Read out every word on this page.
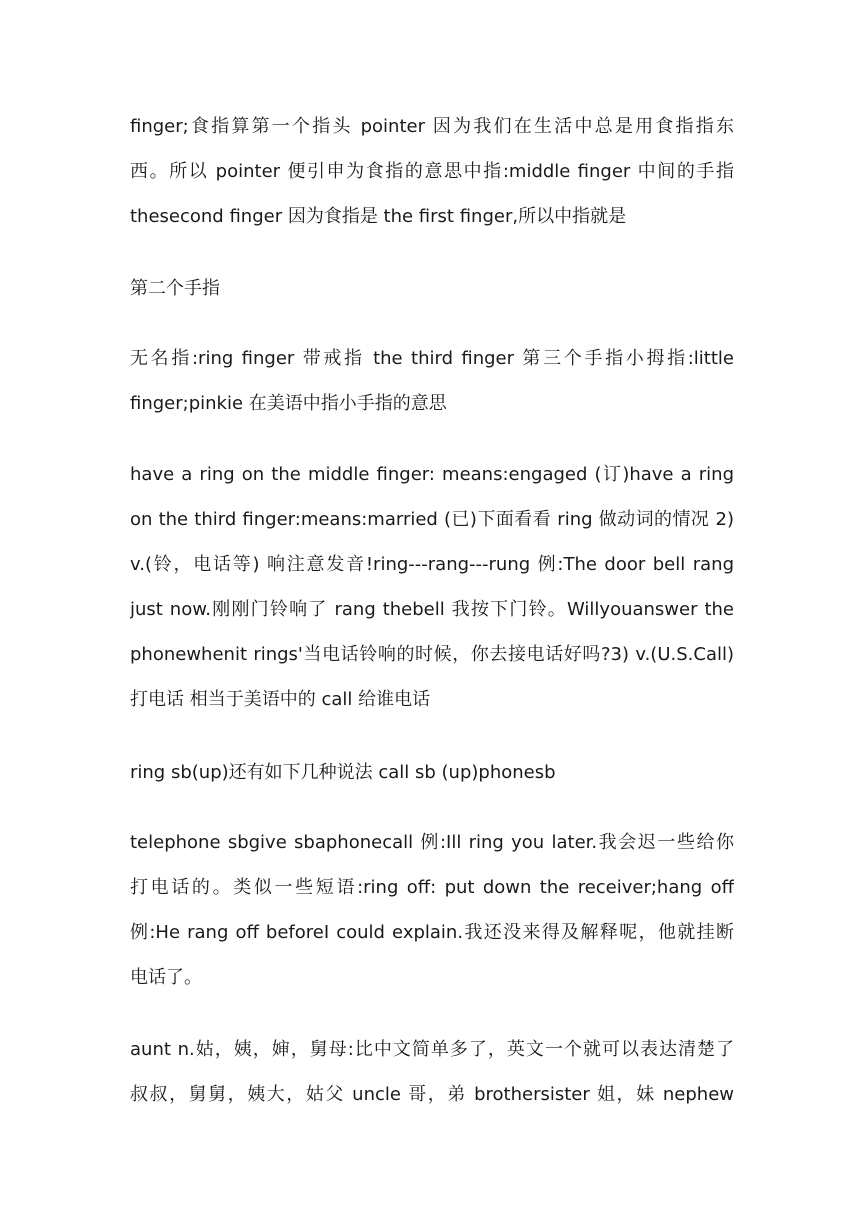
finger;食指算第一个指头 pointer 因为我们在生活中总是用食指指东
西。所以 pointer 便引申为食指的意思中指:middle finger 中间的手指
thesecond finger 因为食指是 the first finger,所以中指就是
第二个手指
无名指:ring finger 带戒指 the third finger 第三个手指小拇指:little
finger;pinkie 在美语中指小手指的意思
have a ring on the middle finger: means:engaged (订)have a ring
on the third finger:means:married (已)下面看看 ring 做动词的情况 2)
v.(铃，电话等) 响注意发音!ring---rang---rung 例:The door bell rang
just now.刚刚门铃响了 rang thebell 我按下门铃。Willyouanswer the
phonewhenit rings'当电话铃响的时候，你去接电话好吗?3) v.(U.S.Call)
打电话 相当于美语中的 call 给谁电话
ring sb(up)还有如下几种说法 call sb (up)phonesb
telephone sbgive sbaphonecall 例:Ill ring you later.我会迟一些给你
打电话的。类似一些短语:ring off: put down the receiver;hang off
例:He rang off beforeI could explain.我还没来得及解释呢，他就挂断
电话了。
aunt n.姑，姨，婶，舅母:比中文简单多了，英文一个就可以表达清楚了
叔叔，舅舅，姨大，姑父 uncle 哥，弟 brothersister 姐，妹 nephew
